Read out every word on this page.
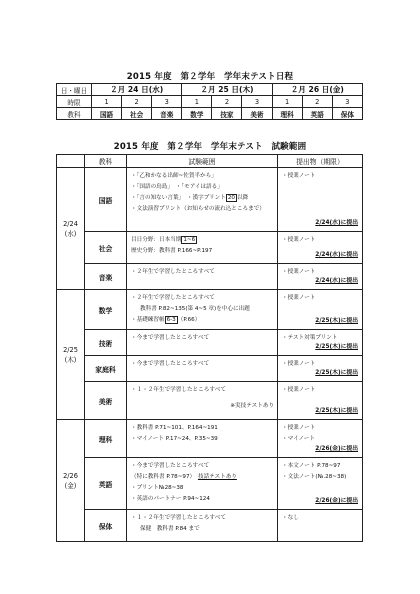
2015 年度　第２学年　学年末テスト日程
日・曜日	２月 24 日(水)			２月 25 日(木)			２月 26 日(金)		
時限	1	2	3	1	2	3	1	2	3
教科	国語	社会	音楽	数学	技家	美術	理科	英語	保体
2015 年度　第２学年　学年末テスト　試験範囲
	教科	試験範囲	提出物（期限）

2/24
(水)	国語	・「乙和かなる出師~佐賀半から」
・「国語の鳥島」　・「モアイは語る」
・「言の知ない言葉」　・漢字プリント 20 以降
・文法演習プリント（お知らせの流れ込ところまで）	・授業ノート
2/24(水)に提出

	社会	目日分野：日本当期 1~6
歴史分野：教科書 P.166~P.197	・授業ノート
2/24(水)に提出

	音楽	・２年生で学習したところすべて	・授業ノート
2/24(水)に提出

2/25
(木)	数学	・２年生で学習したところすべて
教科書 P.82~135(第 4~5 章)を中心に出題
・基礎練習帳 6-3 （P.66）	・授業ノート
2/25(木)に提出

	技術	・今まで学習したところすべて	・テスト対策プリント
2/25(木)に提出

	家庭科	・今まで学習したところすべて	・授業ノート
2/25(木)に提出

	美術	・１・２年生で学習したところすべて
※実技テストあり	・授業ノート
2/25(木)に提出

2/26
(金)	理科	・教科書 P.71~101、P.164~191
・マイノート P.17~24、P.35~39	・授業ノート
・マイノート
2/26(金)に提出

	英語	・今まで学習したところすべて
（特に教科書 P.78~97）　 技話テストあり
・プリント№28~38
・英語のパートナー P.94~124	・本文ノート P.78~97
・文法ノート(№.28~38)
2/26(金)に提出

	保体	・１・２年生で学習したところすべて
保健　教科書 P.84 まで	・なし
